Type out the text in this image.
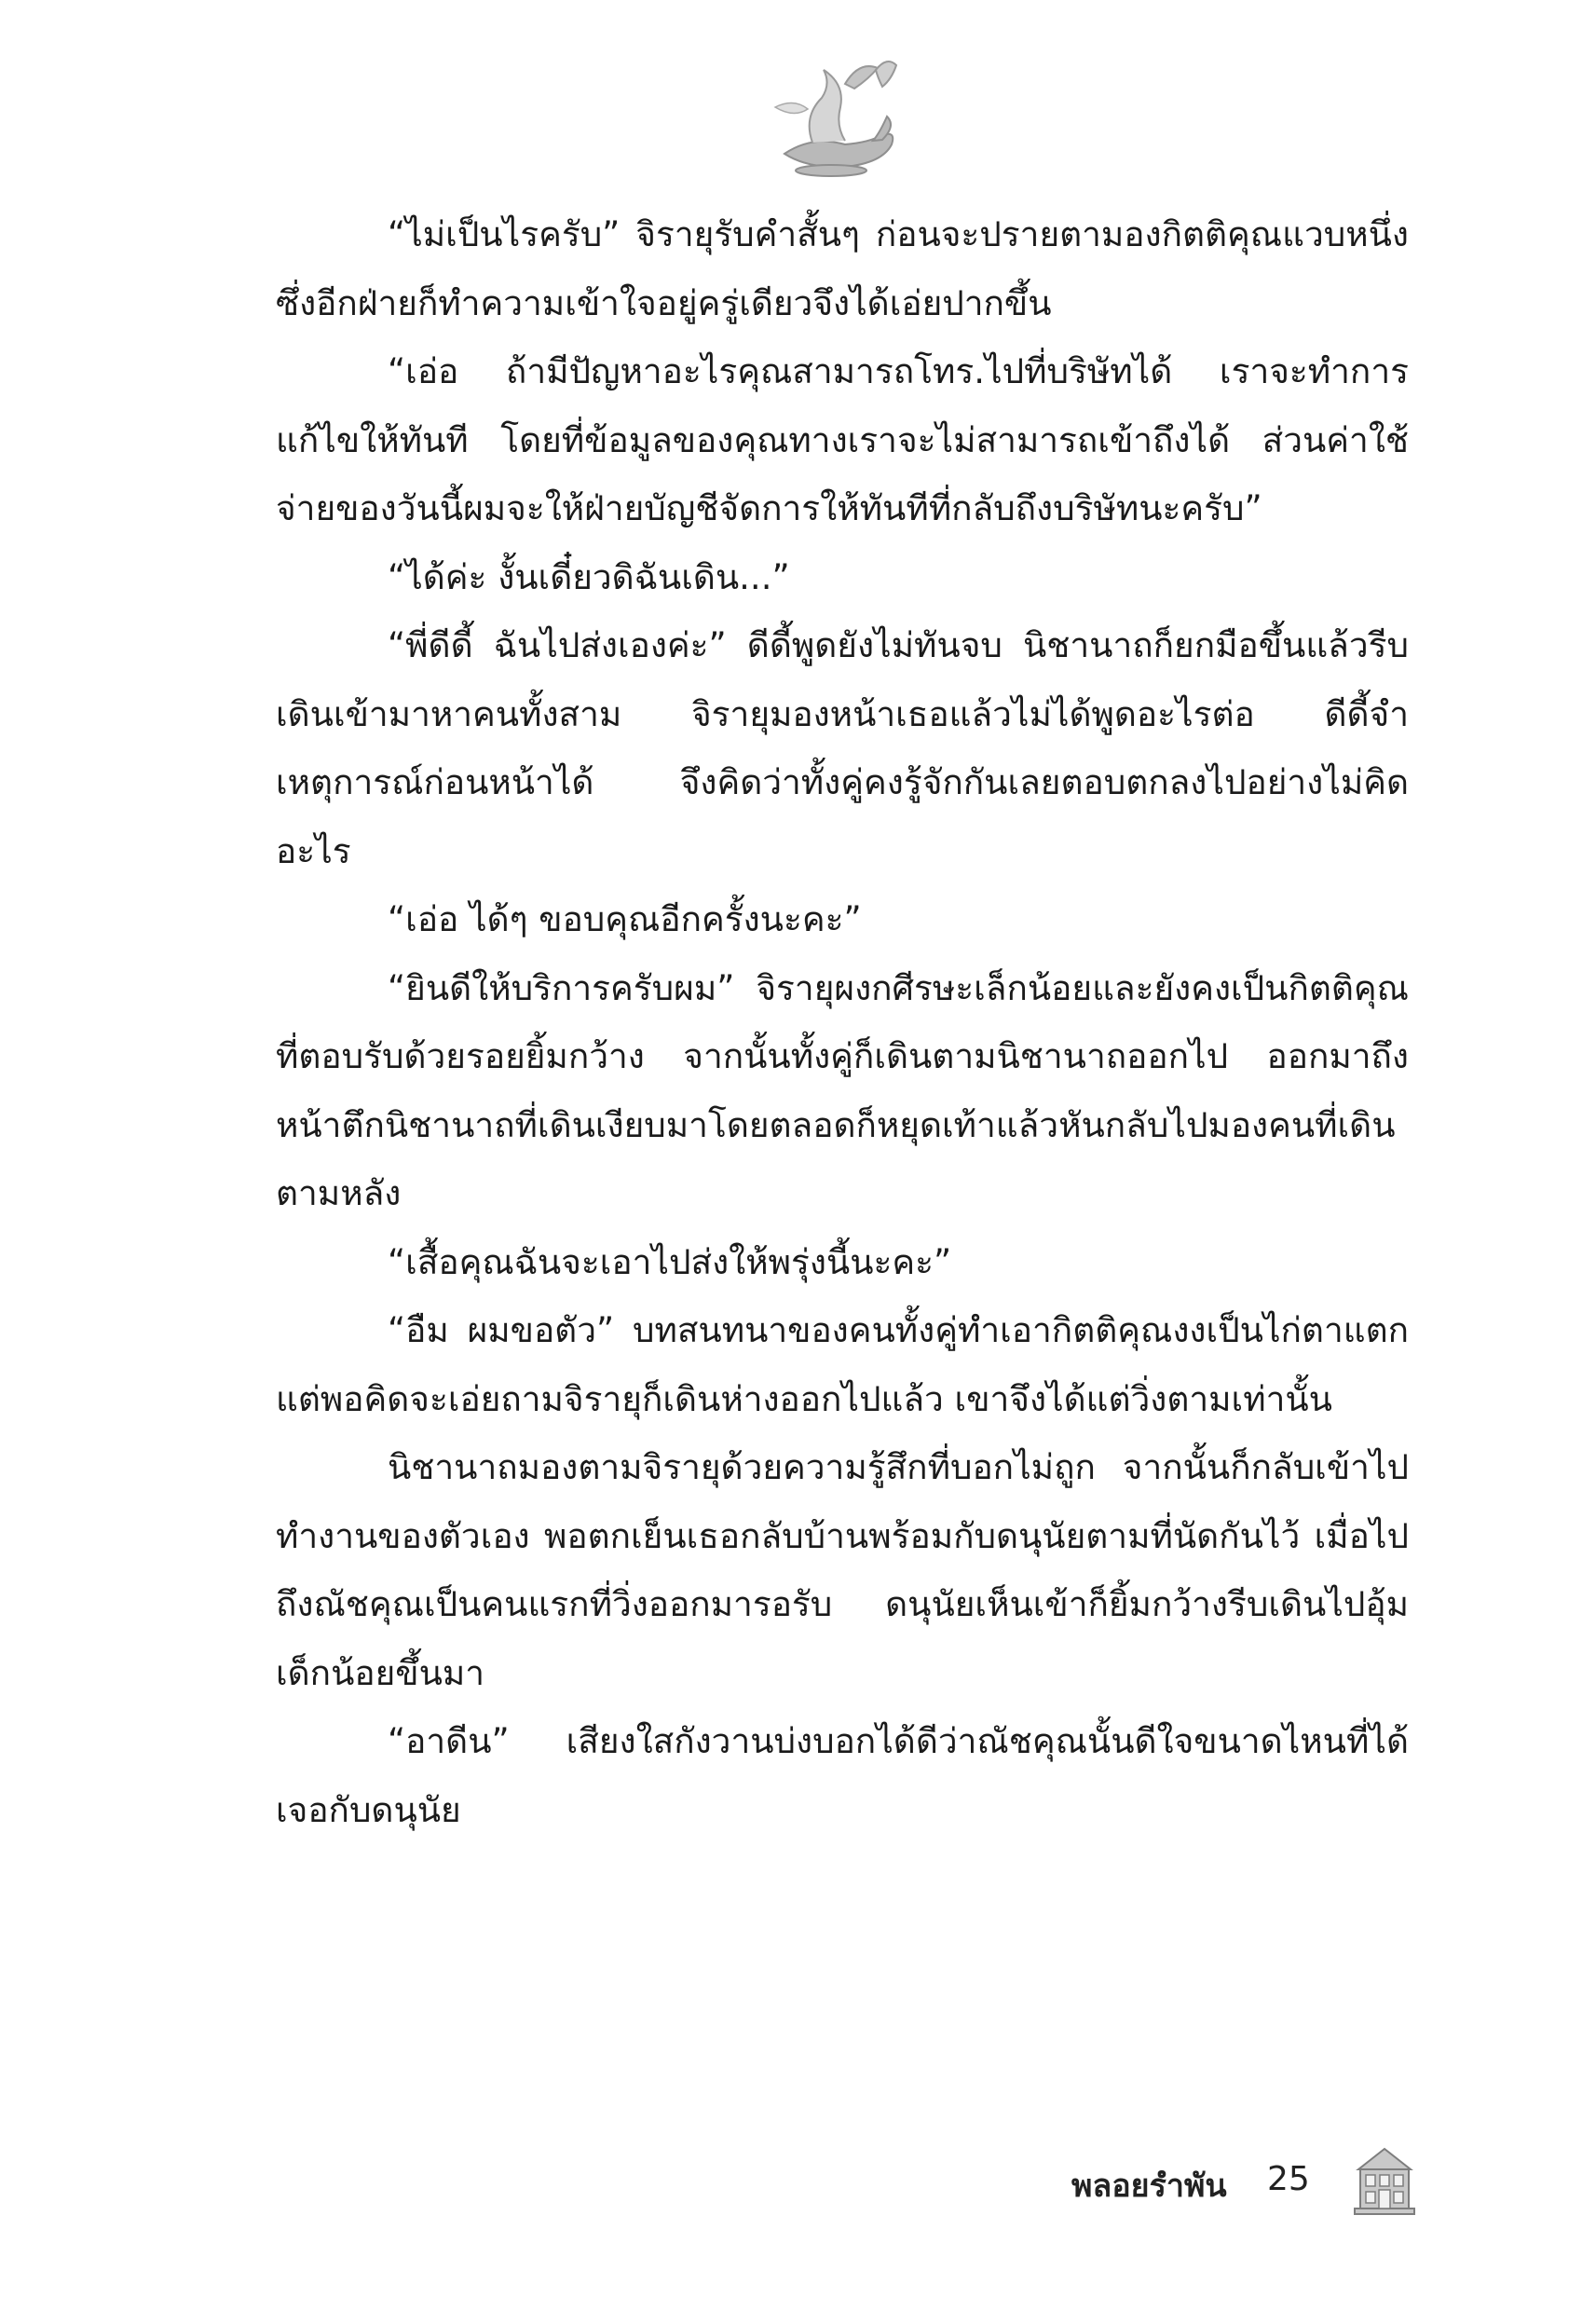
“ไม่เป็นไรครับ” จิรายุรับคำสั้นๆ ก่อนจะปรายตามองกิตติคุณแวบหนึ่ง ซึ่งอีกฝ่ายก็ทำความเข้าใจอยู่ครู่เดียวจึงได้เอ่ยปากขึ้น

“เอ่อ ถ้ามีปัญหาอะไรคุณสามารถโทร.ไปที่บริษัทได้ เราจะทำการแก้ไขให้ทันที โดยที่ข้อมูลของคุณทางเราจะไม่สามารถเข้าถึงได้ ส่วนค่าใช้จ่ายของวันนี้ผมจะให้ฝ่ายบัญชีจัดการให้ทันทีที่กลับถึงบริษัทนะครับ”

“ได้ค่ะ งั้นเดี๋ยวดิฉันเดิน...”

“พี่ดีดี้ ฉันไปส่งเองค่ะ” ดีดี้พูดยังไม่ทันจบ นิชานาถก็ยกมือขึ้นแล้วรีบเดินเข้ามาหาคนทั้งสาม จิรายุมองหน้าเธอแล้วไม่ได้พูดอะไรต่อ ดีดี้จำเหตุการณ์ก่อนหน้าได้ จึงคิดว่าทั้งคู่คงรู้จักกันเลยตอบตกลงไปอย่างไม่คิดอะไร

“เอ่อ ได้ๆ ขอบคุณอีกครั้งนะคะ”

“ยินดีให้บริการครับผม” จิรายุผงกศีรษะเล็กน้อยและยังคงเป็นกิตติคุณที่ตอบรับด้วยรอยยิ้มกว้าง จากนั้นทั้งคู่ก็เดินตามนิชานาถออกไป ออกมาถึงหน้าตึกนิชานาถที่เดินเงียบมาโดยตลอดก็หยุดเท้าแล้วหันกลับไปมองคนที่เดินตามหลัง

“เสื้อคุณฉันจะเอาไปส่งให้พรุ่งนี้นะคะ”

“อืม ผมขอตัว” บทสนทนาของคนทั้งคู่ทำเอากิตติคุณงงเป็นไก่ตาแตก แต่พอคิดจะเอ่ยถามจิรายุก็เดินห่างออกไปแล้ว เขาจึงได้แต่วิ่งตามเท่านั้น

นิชานาถมองตามจิรายุด้วยความรู้สึกที่บอกไม่ถูก จากนั้นก็กลับเข้าไปทำงานของตัวเอง พอตกเย็นเธอกลับบ้านพร้อมกับดนุนัยตามที่นัดกันไว้ เมื่อไปถึงณัชคุณเป็นคนแรกที่วิ่งออกมารอรับ ดนุนัยเห็นเข้าก็ยิ้มกว้างรีบเดินไปอุ้มเด็กน้อยขึ้นมา

“อาดีน” เสียงใสกังวานบ่งบอกได้ดีว่าณัชคุณนั้นดีใจขนาดไหนที่ได้เจอกับดนุนัย

พลอยรำพัน 25
